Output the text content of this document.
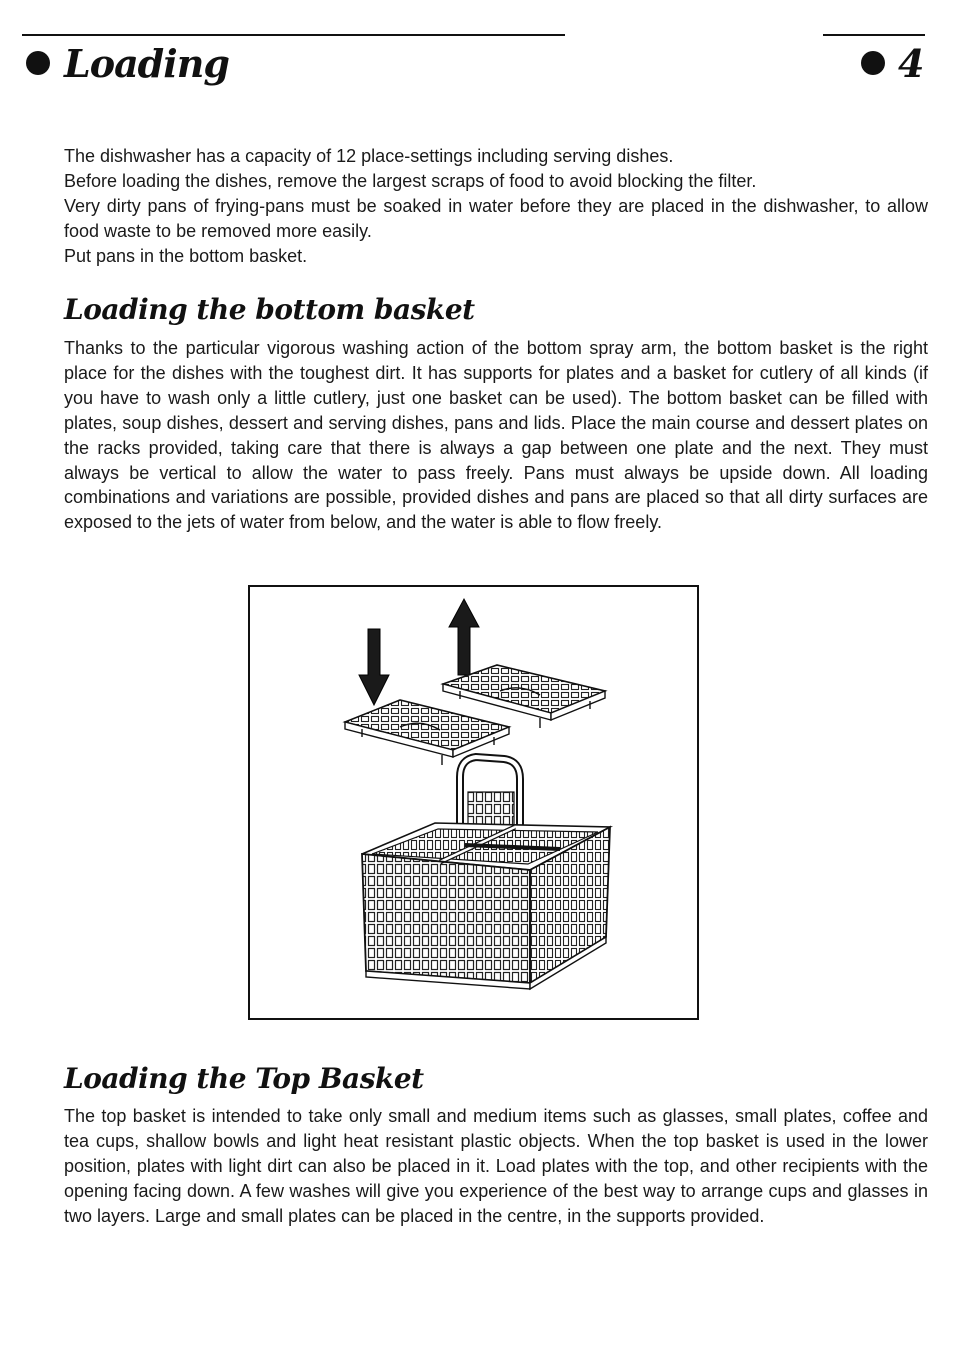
Loading	4

The dishwasher has a capacity of 12 place-settings including serving dishes.

Before loading the dishes, remove the largest scraps of food to avoid blocking the filter.

Very dirty pans of frying-pans must be soaked in water before they are placed in the dishwasher, to allow food waste to be removed more easily.

Put pans in the bottom basket.

Loading the bottom basket

Thanks to the particular vigorous washing action of the bottom spray arm, the bottom basket is the right place for the dishes with the toughest dirt. It has supports for plates and a basket for cutlery of all kinds (if you have to wash only a little cutlery, just one basket can be used). The bottom basket can be filled with plates, soup dishes, dessert and serving dishes, pans and lids. Place the main course and dessert plates on the racks provided, taking care that there is always a gap between one plate and the next. They must always be vertical to allow the water to pass freely. Pans must always be upside down. All loading combinations and variations are possible, provided dishes and pans are placed so that all dirty surfaces are exposed to the jets of water from below, and the water is able to flow freely.

Loading the Top Basket

The top basket is intended to take only small and medium items such as glasses, small plates, coffee and tea cups, shallow bowls and light heat resistant plastic objects. When the top basket is used in the lower position, plates with light dirt can also be placed in it. Load plates with the top, and other recipients with the opening facing down. A few washes will give you experience of the best way to arrange cups and glasses in two layers. Large and small plates can be placed in the centre, in the supports provided.
